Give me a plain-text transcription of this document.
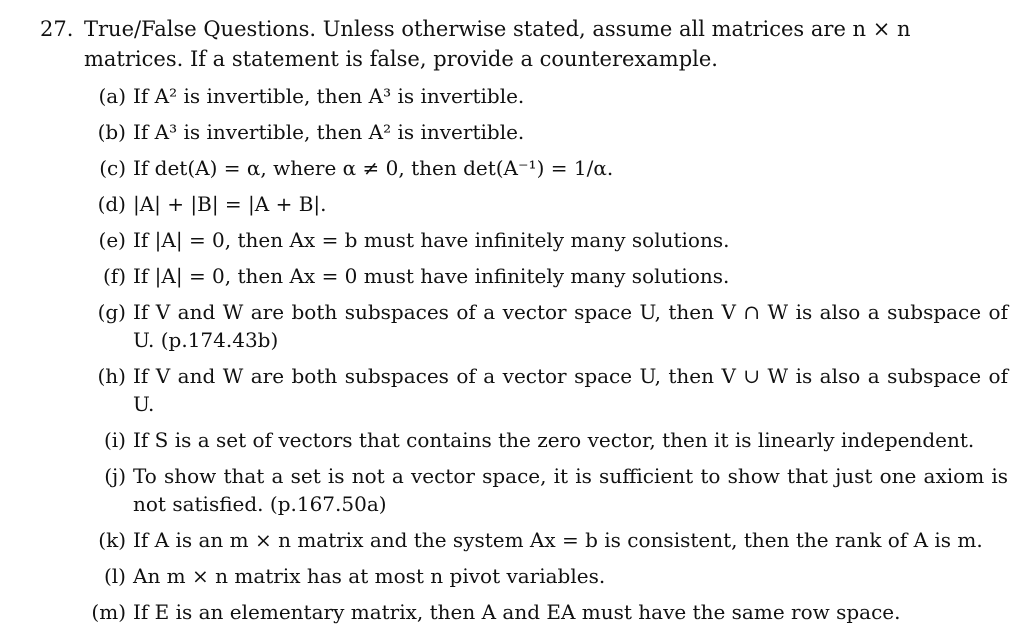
27. True/False Questions. Unless otherwise stated, assume all matrices are n × n matrices. If a statement is false, provide a counterexample.
(a) If A² is invertible, then A³ is invertible.
(b) If A³ is invertible, then A² is invertible.
(c) If det(A) = α, where α ≠ 0, then det(A⁻¹) = 1/α.
(d) |A| + |B| = |A + B|.
(e) If |A| = 0, then Ax = b must have infinitely many solutions.
(f) If |A| = 0, then Ax = 0 must have infinitely many solutions.
(g) If V and W are both subspaces of a vector space U, then V ∩ W is also a subspace of U. (p.174.43b)
(h) If V and W are both subspaces of a vector space U, then V ∪ W is also a subspace of U.
(i) If S is a set of vectors that contains the zero vector, then it is linearly independent.
(j) To show that a set is not a vector space, it is sufficient to show that just one axiom is not satisfied. (p.167.50a)
(k) If A is an m × n matrix and the system Ax = b is consistent, then the rank of A is m.
(l) An m × n matrix has at most n pivot variables.
(m) If E is an elementary matrix, then A and EA must have the same row space.
